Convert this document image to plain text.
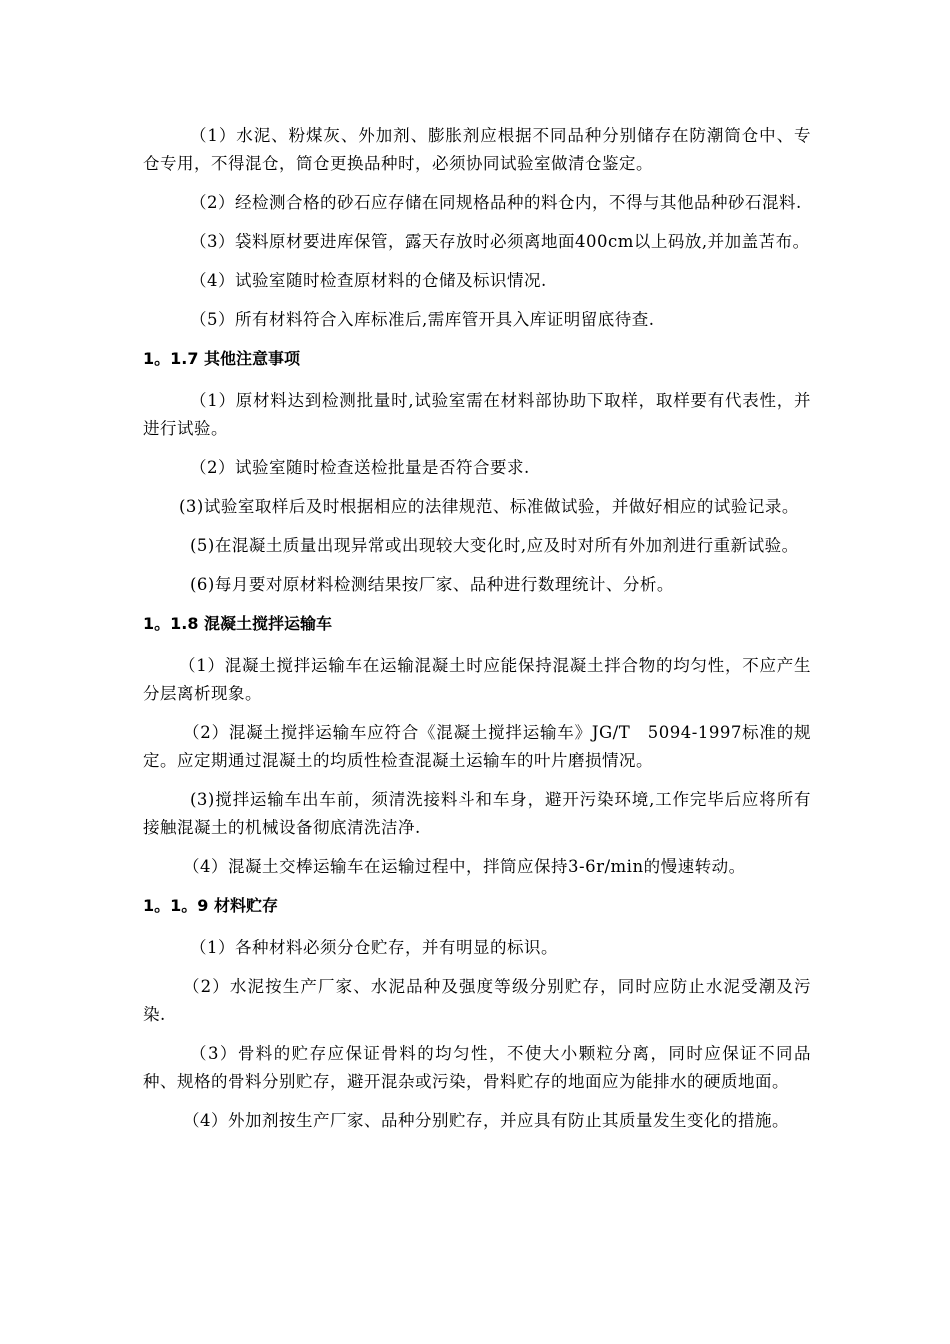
（1）水泥、粉煤灰、外加剂、膨胀剂应根据不同品种分别储存在防潮筒仓中、专仓专用，不得混仓，筒仓更换品种时，必须协同试验室做清仓鉴定。

（2）经检测合格的砂石应存储在同规格品种的料仓内，不得与其他品种砂石混料.

（3）袋料原材要进库保管，露天存放时必须离地面400cm以上码放,并加盖苫布。

（4）试验室随时检查原材料的仓储及标识情况.

（5）所有材料符合入库标准后,需库管开具入库证明留底待查.

1。1.7 其他注意事项

（1）原材料达到检测批量时,试验室需在材料部协助下取样，取样要有代表性，并进行试验。

（2）试验室随时检查送检批量是否符合要求.

(3)试验室取样后及时根据相应的法律规范、标准做试验，并做好相应的试验记录。

(5)在混凝土质量出现异常或出现较大变化时,应及时对所有外加剂进行重新试验。

(6)每月要对原材料检测结果按厂家、品种进行数理统计、分析。

1。1.8 混凝土搅拌运输车

（1）混凝土搅拌运输车在运输混凝土时应能保持混凝土拌合物的均匀性，不应产生分层离析现象。

（2）混凝土搅拌运输车应符合《混凝土搅拌运输车》JG/T　5094-1997标准的规定。应定期通过混凝土的均质性检查混凝土运输车的叶片磨损情况。

(3)搅拌运输车出车前，须清洗接料斗和车身，避开污染环境,工作完毕后应将所有接触混凝土的机械设备彻底清洗洁净.

（4）混凝土交棒运输车在运输过程中，拌筒应保持3-6r/min的慢速转动。

1。1。9 材料贮存

（1）各种材料必须分仓贮存，并有明显的标识。

（2）水泥按生产厂家、水泥品种及强度等级分别贮存，同时应防止水泥受潮及污染.

（3）骨料的贮存应保证骨料的均匀性，不使大小颗粒分离，同时应保证不同品种、规格的骨料分别贮存，避开混杂或污染，骨料贮存的地面应为能排水的硬质地面。

（4）外加剂按生产厂家、品种分别贮存，并应具有防止其质量发生变化的措施。
